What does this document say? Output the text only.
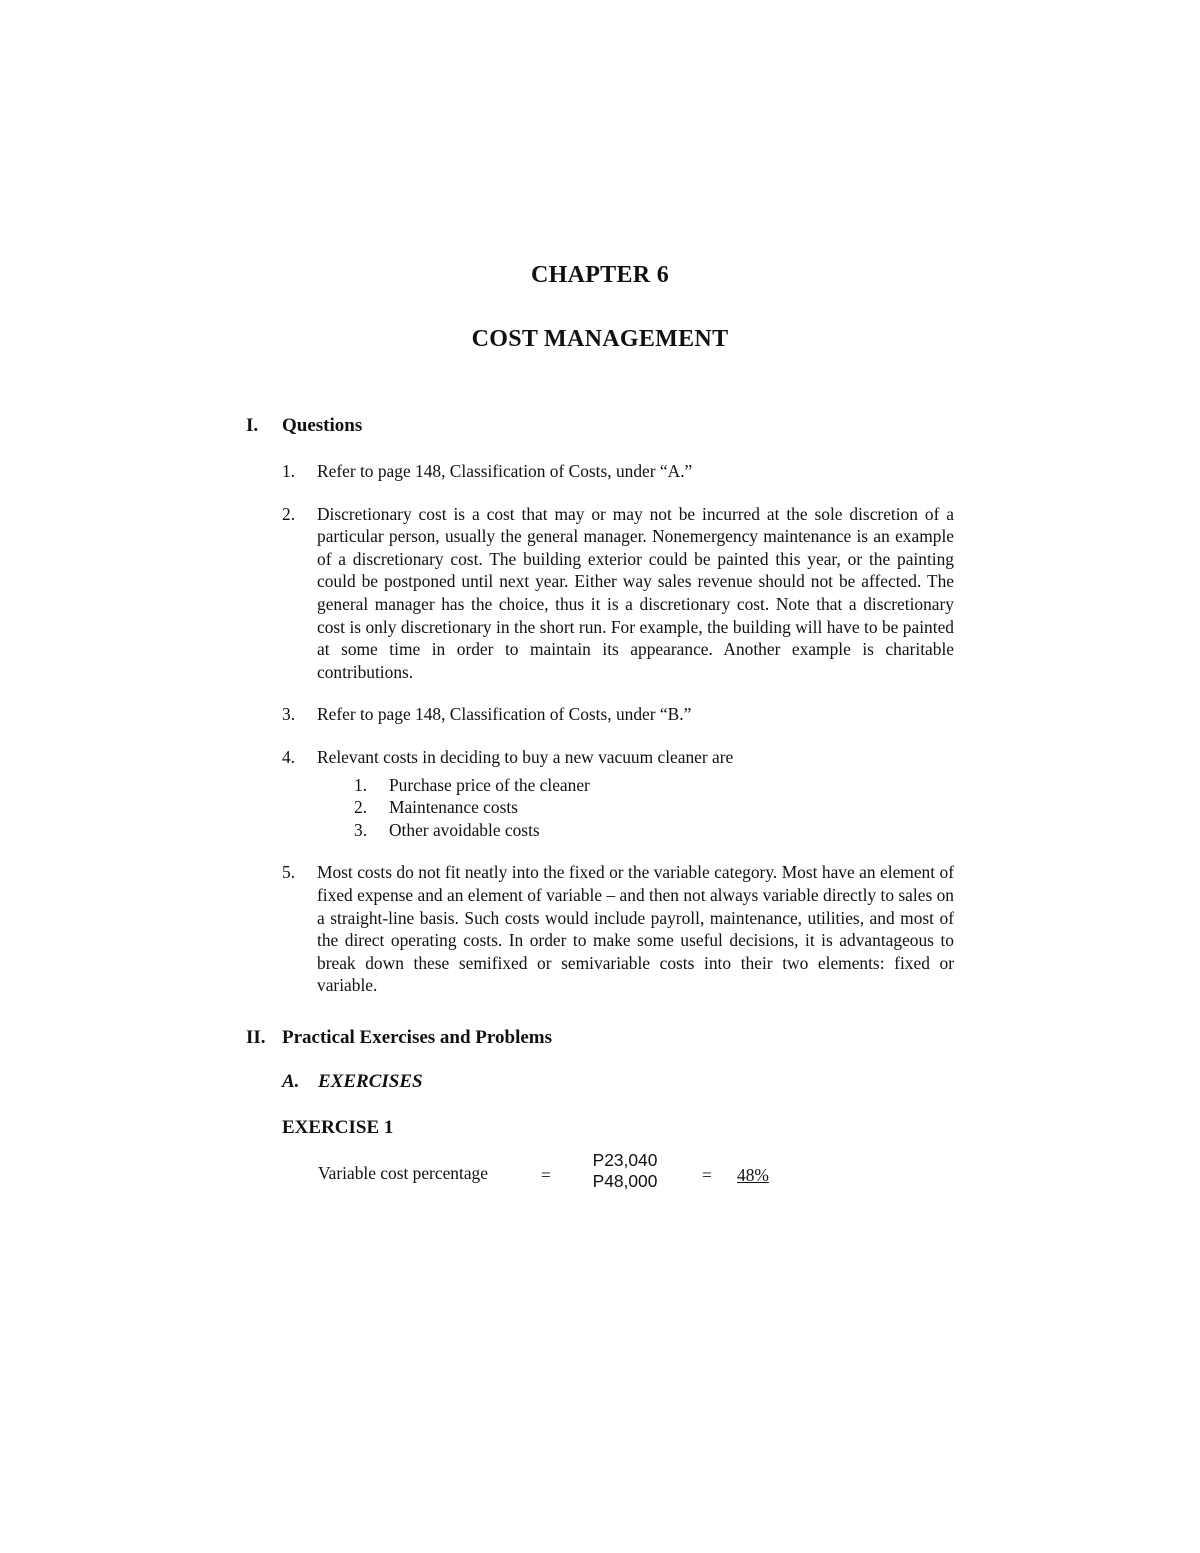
CHAPTER 6
COST MANAGEMENT
I. Questions
1. Refer to page 148, Classification of Costs, under “A.”
2. Discretionary cost is a cost that may or may not be incurred at the sole discretion of a particular person, usually the general manager. Nonemergency maintenance is an example of a discretionary cost. The building exterior could be painted this year, or the painting could be postponed until next year. Either way sales revenue should not be affected. The general manager has the choice, thus it is a discretionary cost. Note that a discretionary cost is only discretionary in the short run. For example, the building will have to be painted at some time in order to maintain its appearance. Another example is charitable contributions.
3. Refer to page 148, Classification of Costs, under “B.”
4. Relevant costs in deciding to buy a new vacuum cleaner are
1. Purchase price of the cleaner
2. Maintenance costs
3. Other avoidable costs
5. Most costs do not fit neatly into the fixed or the variable category. Most have an element of fixed expense and an element of variable – and then not always variable directly to sales on a straight-line basis. Such costs would include payroll, maintenance, utilities, and most of the direct operating costs. In order to make some useful decisions, it is advantageous to break down these semifixed or semivariable costs into their two elements: fixed or variable.
II. Practical Exercises and Problems
A. EXERCISES
EXERCISE 1
Variable cost percentage	=
P23,040
P48,000	= 48%
